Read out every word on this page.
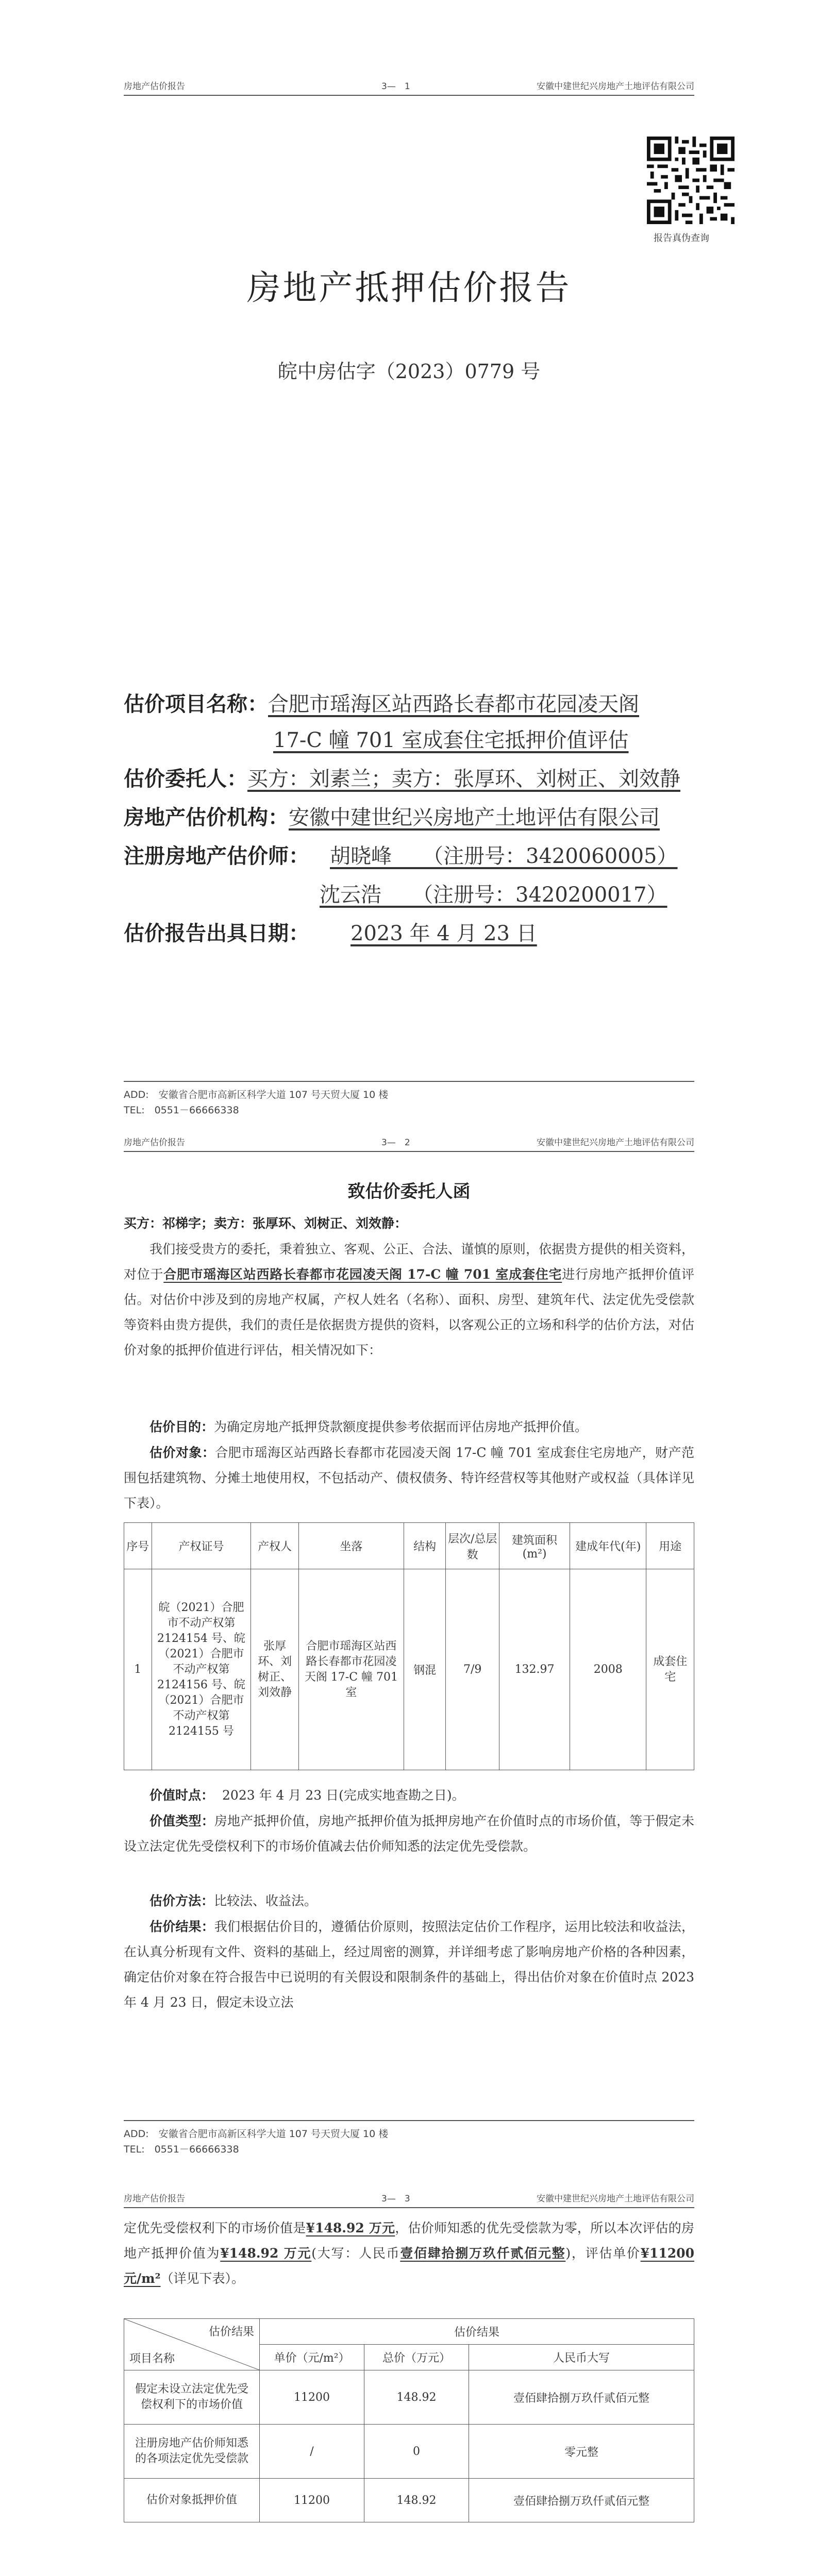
房地产估价报告	3—　1	安徽中建世纪兴房地产土地评估有限公司
报告真伪查询
房地产抵押估价报告
皖中房估字（2023）0779 号
估价项目名称：合肥市瑶海区站西路长春都市花园凌天阁
17-C 幢 701 室成套住宅抵押价值评估
估价委托人：买方：刘素兰；卖方：张厚环、刘树正、刘效静
房地产估价机构：安徽中建世纪兴房地产土地评估有限公司
注册房地产估价师： 胡晓峰　　（注册号：3420060005）
沈云浩　　（注册号：3420200017）
估价报告出具日期： 2023 年 4 月 23 日
ADD:　安徽省合肥市高新区科学大道 107 号天贸大厦 10 楼
TEL:　0551－66666338
房地产估价报告	3—　2	安徽中建世纪兴房地产土地评估有限公司
致估价委托人函
买方：祁梯字；卖方：张厚环、刘树正、刘效静：
我们接受贵方的委托，秉着独立、客观、公正、合法、谨慎的原则，依据贵方提供的相关资料，对位于合肥市瑶海区站西路长春都市花园凌天阁 17-C 幢 701 室成套住宅进行房地产抵押价值评估。对估价中涉及到的房地产权属，产权人姓名（名称）、面积、房型、建筑年代、法定优先受偿款等资料由贵方提供，我们的责任是依据贵方提供的资料，以客观公正的立场和科学的估价方法，对估价对象的抵押价值进行评估，相关情况如下：
估价目的：为确定房地产抵押贷款额度提供参考依据而评估房地产抵押价值。
估价对象：合肥市瑶海区站西路长春都市花园凌天阁 17-C 幢 701 室成套住宅房地产，财产范围包括建筑物、分摊土地使用权，不包括动产、债权债务、特许经营权等其他财产或权益（具体详见下表）。
序号	产权证号	产权人	坐落	结构	层次/总层数	建筑面积(m²)	建成年代(年)	用途
1	皖（2021）合肥市不动产权第2124154 号、皖（2021）合肥市不动产权第2124156 号、皖（2021）合肥市不动产权第2124155 号	张厚环、刘树正、刘效静	合肥市瑶海区站西路长春都市花园凌天阁 17-C 幢 701 室	钢混	7/9	132.97	2008	成套住宅
价值时点： 2023 年 4 月 23 日(完成实地查勘之日)。
价值类型：房地产抵押价值，房地产抵押价值为抵押房地产在价值时点的市场价值，等于假定未设立法定优先受偿权利下的市场价值减去估价师知悉的法定优先受偿款。
估价方法：比较法、收益法。
估价结果：我们根据估价目的，遵循估价原则，按照法定估价工作程序，运用比较法和收益法，在认真分析现有文件、资料的基础上，经过周密的测算，并详细考虑了影响房地产价格的各种因素，确定估价对象在符合报告中已说明的有关假设和限制条件的基础上，得出估价对象在价值时点 2023 年 4 月 23 日，假定未设立法
ADD:　安徽省合肥市高新区科学大道 107 号天贸大厦 10 楼
TEL:　0551－66666338
房地产估价报告	3—　3	安徽中建世纪兴房地产土地评估有限公司
定优先受偿权利下的市场价值是¥148.92 万元，估价师知悉的优先受偿款为零，所以本次评估的房地产抵押价值为¥148.92 万元(大写：人民币壹佰肆拾捌万玖仟贰佰元整)，评估单价¥11200 元/m²（详见下表）。
估价结果
项目名称	估价结果		
	单价（元/m²）	总价（万元）	人民币大写
假定未设立法定优先受偿权利下的市场价值	11200	148.92	壹佰肆拾捌万玖仟贰佰元整
注册房地产估价师知悉的各项法定优先受偿款	/	0	零元整
估价对象抵押价值	11200	148.92	壹佰肆拾捌万玖仟贰佰元整
